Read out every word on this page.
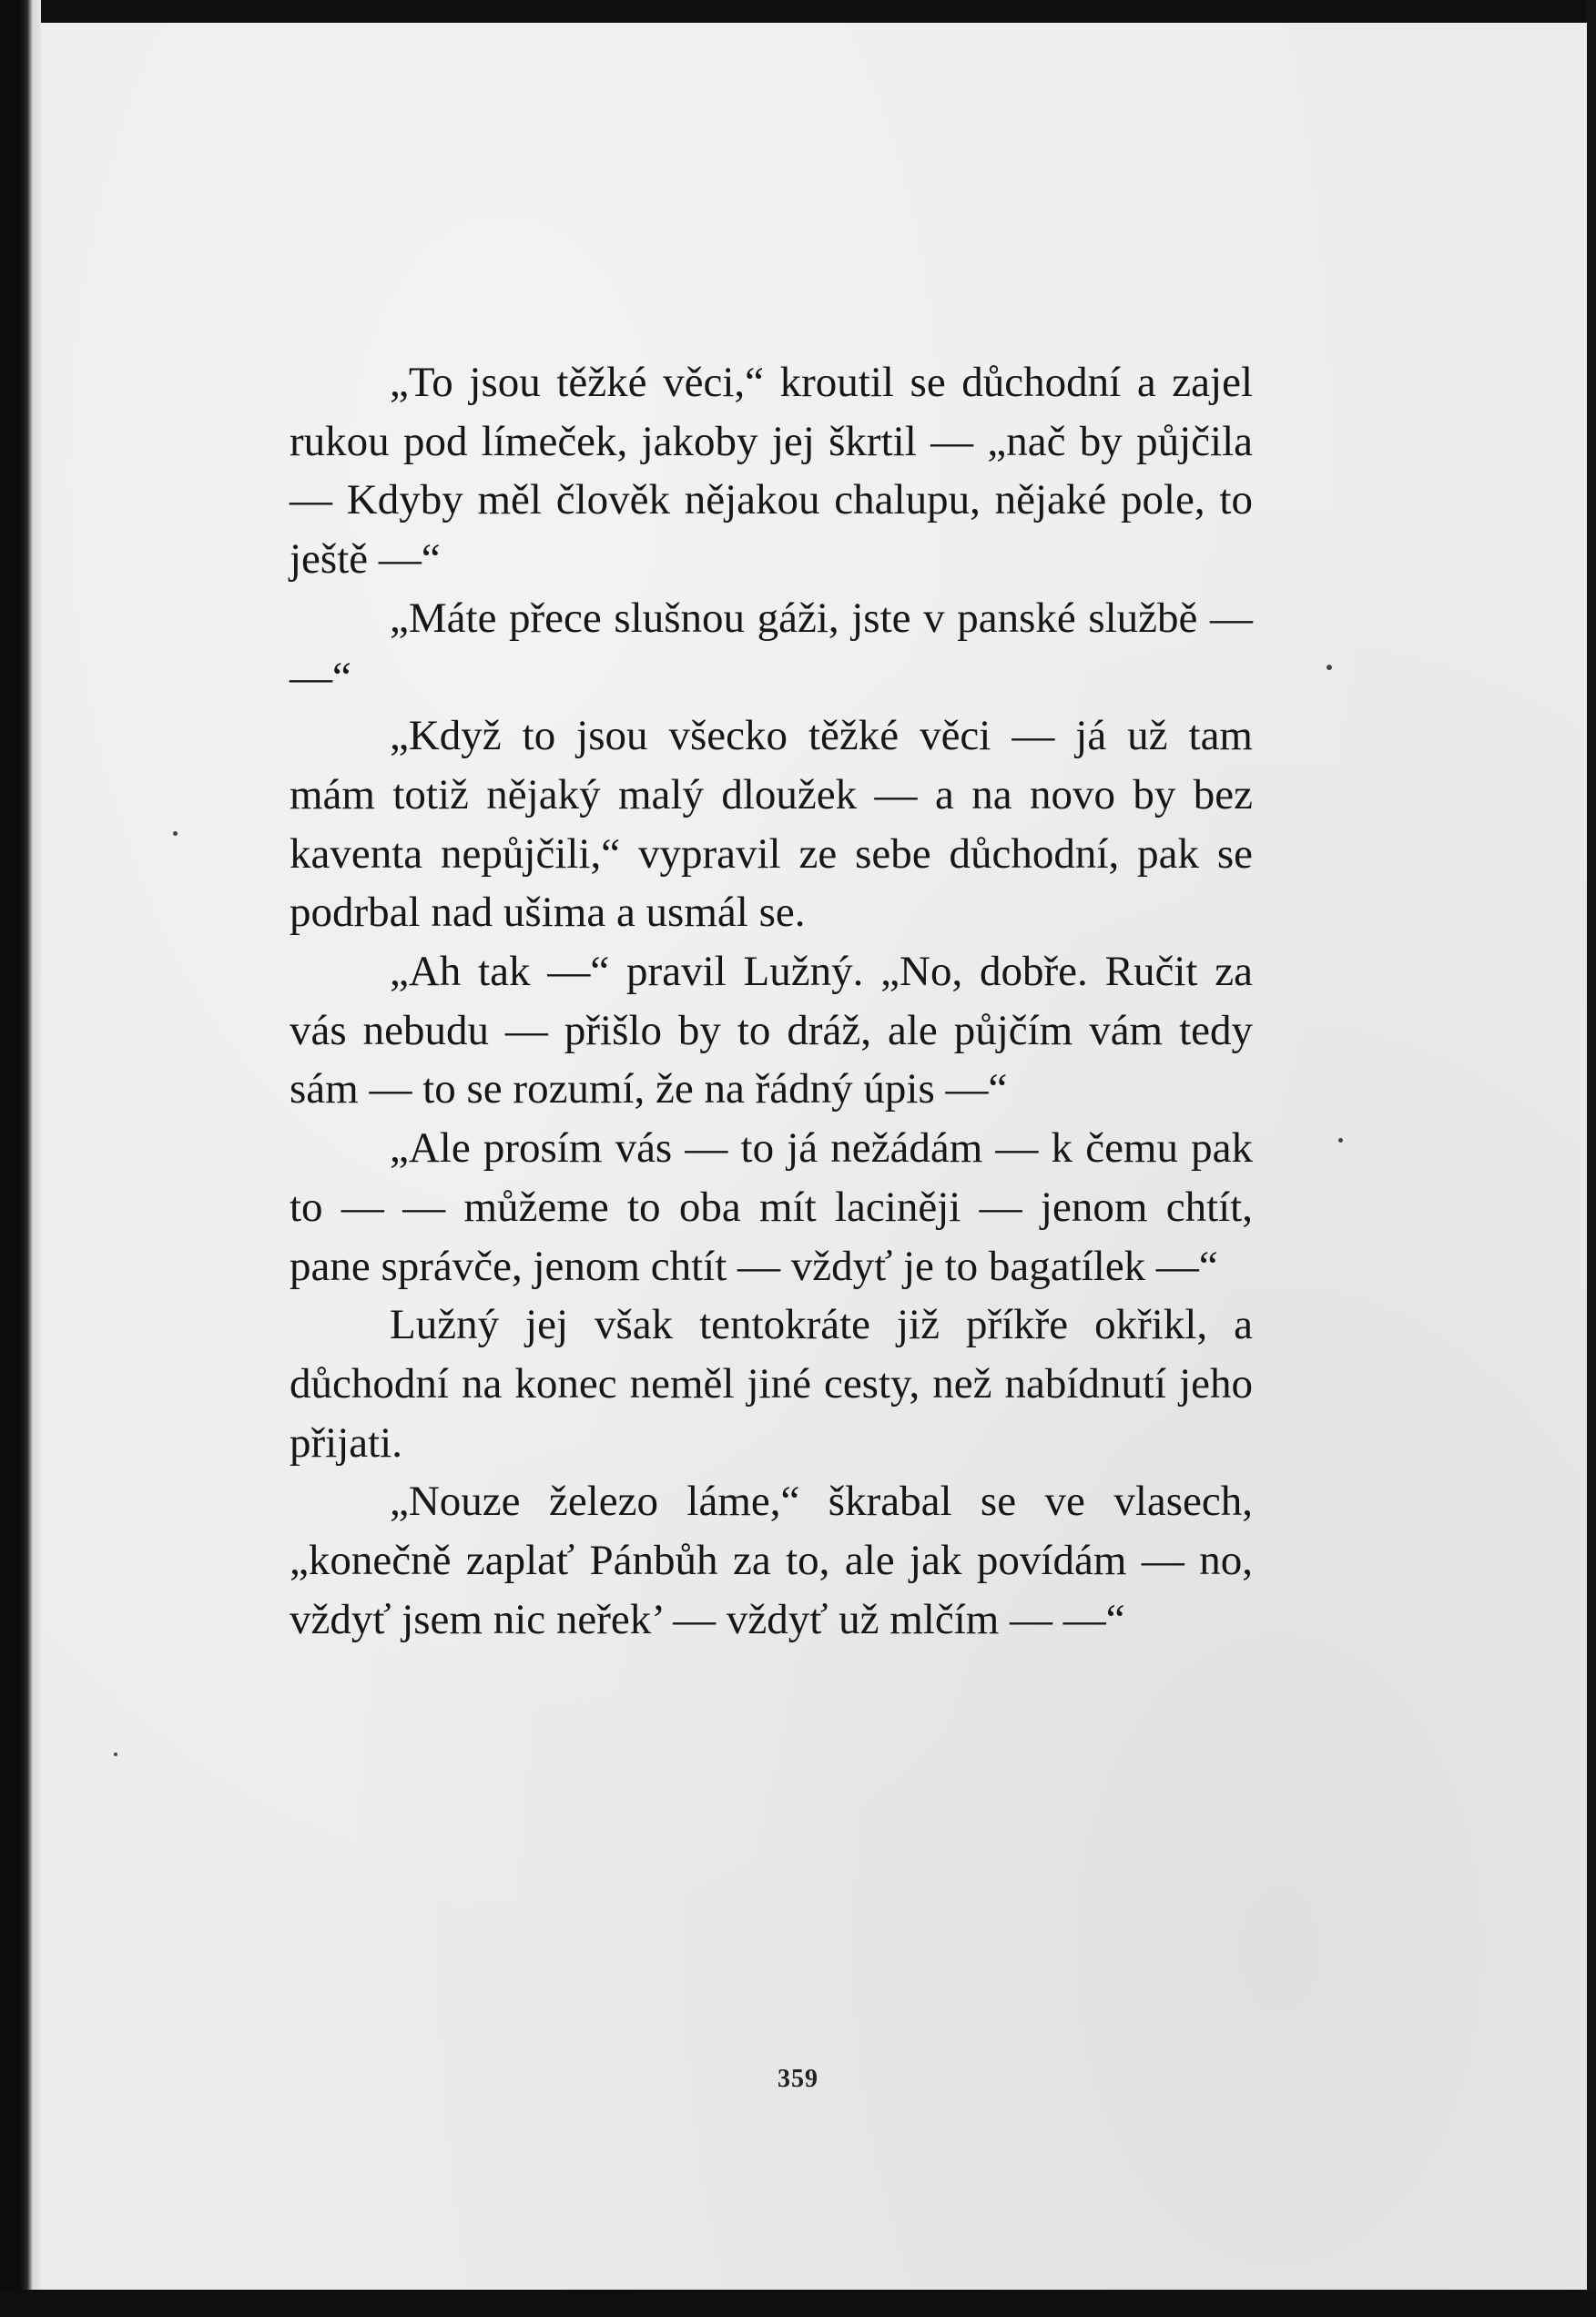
„To jsou těžké věci,“ kroutil se důchodní a zajel rukou pod límeček, jakoby jej škrtil — „nač by půjčila — Kdyby měl člověk nějakou chalupu, nějaké pole, to ještě —“

„Máte přece slušnou gáži, jste v panské službě — —“

„Když to jsou všecko těžké věci — já už tam mám totiž nějaký malý dloužek — a na novo by bez kaventa nepůjčili,“ vypravil ze sebe důchodní, pak se podrbal nad ušima a usmál se.

„Ah tak —“ pravil Lužný. „No, dobře. Ručit za vás nebudu — přišlo by to dráž, ale půjčím vám tedy sám — to se rozumí, že na řádný úpis —“

„Ale prosím vás — to já nežádám — k čemu pak to — — můžeme to oba mít laciněji — jenom chtít, pane správče, jenom chtít — vždyť je to bagatílek —“

Lužný jej však tentokráte již příkře okřikl, a důchodní na konec neměl jiné cesty, než nabídnutí jeho přijati.

„Nouze železo láme,“ škrabal se ve vlasech, „konečně zaplať Pánbůh za to, ale jak povídám — no, vždyť jsem nic neřek’ — vždyť už mlčím — —“

359
